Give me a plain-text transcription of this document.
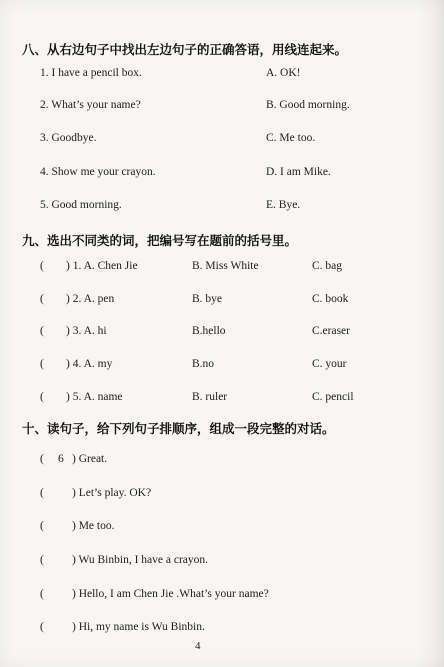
八、从右边句子中找出左边句子的正确答语，用线连起来。
1. I have a pencil box.	A. OK!
2. What’s your name?	B. Good morning.
3. Goodbye.	C. Me too.
4. Show me your crayon.	D. I am Mike.
5. Good morning.	E. Bye.
九、选出不同类的词，把编号写在题前的括号里。
( ) 1. A. Chen Jie	B. Miss White	C. bag
( ) 2. A. pen	B. bye	C. book
( ) 3. A. hi	B.hello	C.eraser
( ) 4. A. my	B.no	C. your
( ) 5. A. name	B. ruler	C. pencil
十、读句子，给下列句子排顺序，组成一段完整的对话。
( 6 ) Great.
( ) Let’s play. OK?
( ) Me too.
( ) Wu Binbin, I have a crayon.
( ) Hello, I am Chen Jie .What’s your name?
( ) Hi, my name is Wu Binbin.
4
